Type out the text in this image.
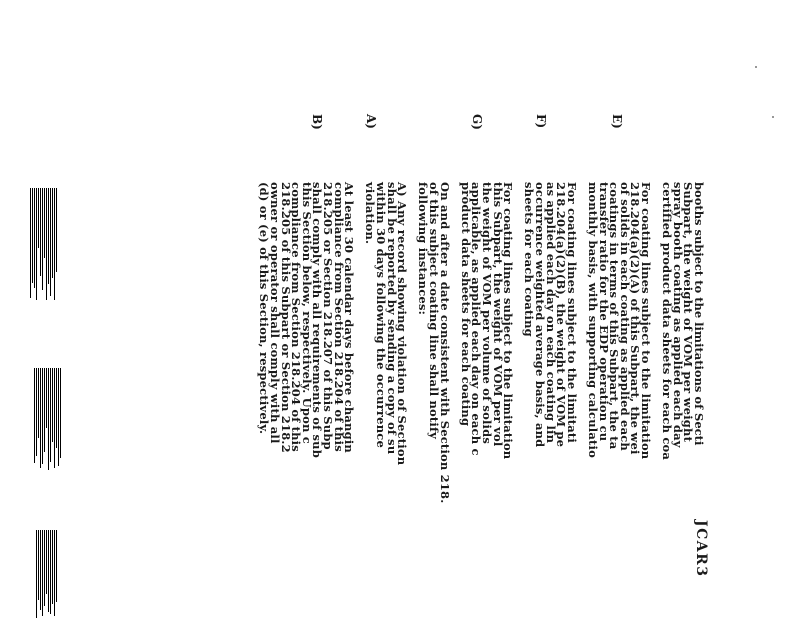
JCAR3
Subpart, the weight of VOM per weight
spray booth coating as applied each day
certified product data sheets for each coa
For coating lines subject to the limitation
218.204(a)(2)(A) of this Subpart, the wei
of solids in each coating as applied each
coatings in terms of this Subpart, the ta
transfer ratio for the EDP operation cu
monthly basis, with supporting calculatio
For coating lines subject to the limitati
218.204(a)(2)(B), the weight of VOM pe
as applied each day on each coating lin
occurrence weighted average basis, and
sheets for each coating
For coating lines subject to the limitation
this Subpart, the weight of VOM per vol
the weight of VOM per volume of solids
applicable, as applied each day on each c
product data sheets for each coating
On and after a date consistent with Section 218.
of this subject coating line shall notify
following instances:
A) Any record showing violation of Section
shall be reported by sending a copy of su
within 30 days following the occurrence
violation.
At least 30 calendar days before changin
compliance from Section 218.204 of this
218.205 or Section 218.207 of this Subp
shall comply with all requirements of sub
this Section below, respectively. Upon c
compliance from Section 218.204 of this
218.205 of this Subpart or Section 218.2
owner or operator shall comply with all
(d) or (e) of this Section, respectively.	booths subject to the limitations of Secti
E)
F)
G)
A)
B)
